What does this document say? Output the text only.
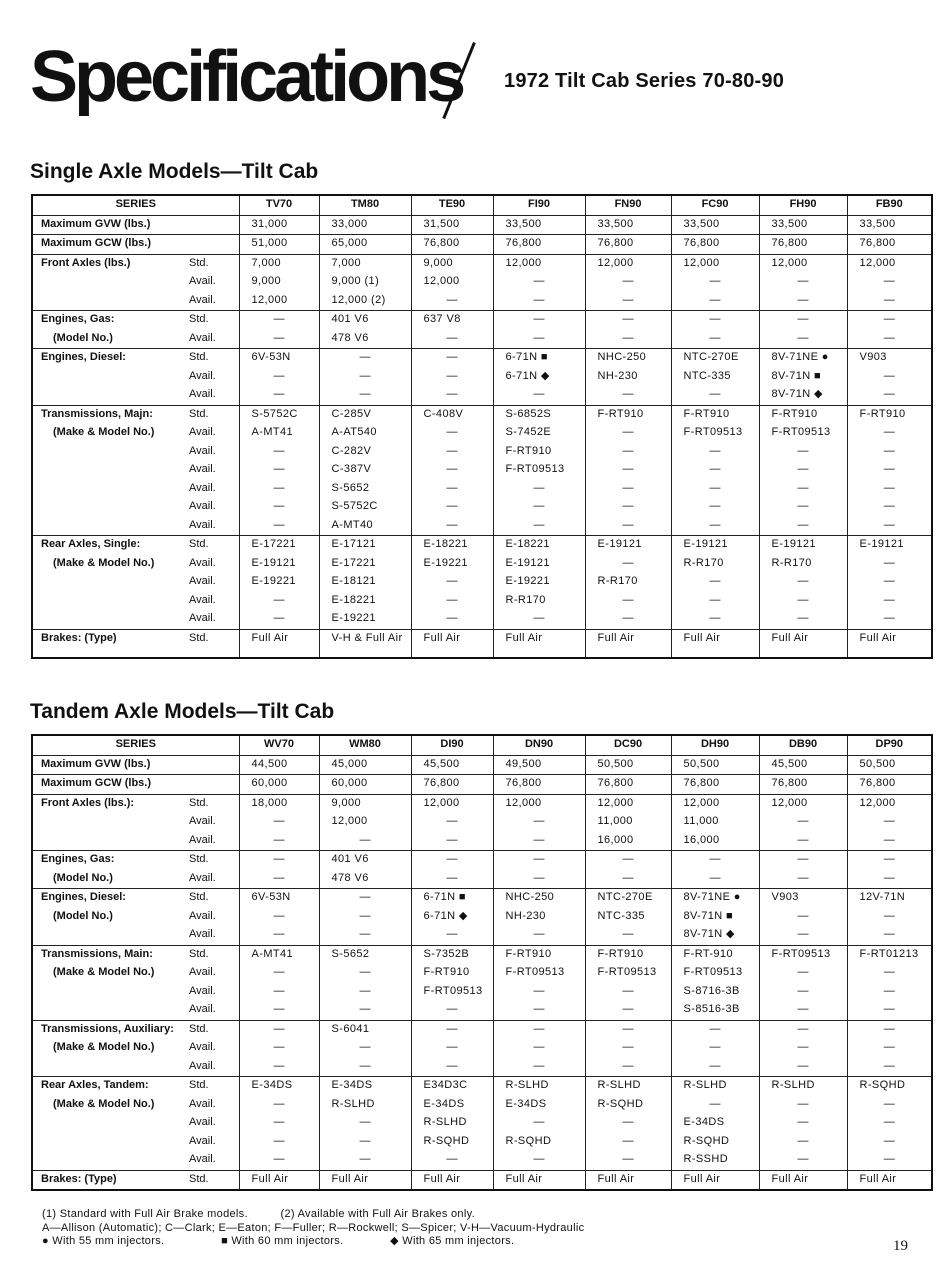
Specifications 1972 Tilt Cab Series 70-80-90
Single Axle Models—Tilt Cab
SERIES		TV70	TM80	TE90	FI90	FN90	FC90	FH90	FB90
Maximum GVW (lbs.)		31,000	33,000	31,500	33,500	33,500	33,500	33,500	33,500
Maximum GCW (lbs.)		51,000	65,000	76,800	76,800	76,800	76,800	76,800	76,800
Front Axles (lbs.)	Std.	7,000	7,000	9,000	12,000	12,000	12,000	12,000	12,000
	Avail.	9,000	9,000 (1)	12,000	—	—	—	—	—
	Avail.	12,000	12,000 (2)	—	—	—	—	—	—
Engines, Gas:	Std.	—	401 V6	637 V8	—	—	—	—	—
(Model No.)	Avail.	—	478 V6	—	—	—	—	—	—
Engines, Diesel:	Std.	6V-53N	—	—	6-71N ■	NHC-250	NTC-270E	8V-71NE ●	V903
	Avail.	—	—	—	6-71N ◆	NH-230	NTC-335	8V-71N ■	—
	Avail.	—	—	—	—	—	—	8V-71N ◆	—
Transmissions, Majn:	Std.	S-5752C	C-285V	C-408V	S-6852S	F-RT910	F-RT910	F-RT910	F-RT910
(Make & Model No.)	Avail.	A-MT41	A-AT540	—	S-7452E	—	F-RT09513	F-RT09513	—
	Avail.	—	C-282V	—	F-RT910	—	—	—	—
	Avail.	—	C-387V	—	F-RT09513	—	—	—	—
	Avail.	—	S-5652	—	—	—	—	—	—
	Avail.	—	S-5752C	—	—	—	—	—	—
	Avail.	—	A-MT40	—	—	—	—	—	—
Rear Axles, Single:	Std.	E-17221	E-17121	E-18221	E-18221	E-19121	E-19121	E-19121	E-19121
(Make & Model No.)	Avail.	E-19121	E-17221	E-19221	E-19121	—	R-R170	R-R170	—
	Avail.	E-19221	E-18121	—	E-19221	R-R170	—	—	—
	Avail.	—	E-18221	—	R-R170	—	—	—	—
	Avail.	—	E-19221	—	—	—	—	—	—
Brakes: (Type)	Std.	Full Air	V-H & Full Air	Full Air	Full Air	Full Air	Full Air	Full Air	Full Air
Tandem Axle Models—Tilt Cab
SERIES		WV70	WM80	DI90	DN90	DC90	DH90	DB90	DP90
Maximum GVW (lbs.)		44,500	45,000	45,500	49,500	50,500	50,500	45,500	50,500
Maximum GCW (lbs.)		60,000	60,000	76,800	76,800	76,800	76,800	76,800	76,800
Front Axles (lbs.):	Std.	18,000	9,000	12,000	12,000	12,000	12,000	12,000	12,000
	Avail.	—	12,000	—	—	11,000	11,000	—	—
	Avail.	—	—	—	—	16,000	16,000	—	—
Engines, Gas:	Std.	—	401 V6	—	—	—	—	—	—
(Model No.)	Avail.	—	478 V6	—	—	—	—	—	—
Engines, Diesel:	Std.	6V-53N	—	6-71N ■	NHC-250	NTC-270E	8V-71NE ●	V903	12V-71N
(Model No.)	Avail.	—	—	6-71N ◆	NH-230	NTC-335	8V-71N ■	—	—
	Avail.	—	—	—	—	—	8V-71N ◆	—	—
Transmissions, Main:	Std.	A-MT41	S-5652	S-7352B	F-RT910	F-RT910	F-RT-910	F-RT09513	F-RT01213
(Make & Model No.)	Avail.	—	—	F-RT910	F-RT09513	F-RT09513	F-RT09513	—	—
	Avail.	—	—	F-RT09513	—	—	S-8716-3B	—	—
	Avail.	—	—	—	—	—	S-8516-3B	—	—
Transmissions, Auxiliary:	Std.	—	S-6041	—	—	—	—	—	—
(Make & Model No.)	Avail.	—	—	—	—	—	—	—	—
	Avail.	—	—	—	—	—	—	—	—
Rear Axles, Tandem:	Std.	E-34DS	E-34DS	E34D3C	R-SLHD	R-SLHD	R-SLHD	R-SLHD	R-SQHD
(Make & Model No.)	Avail.	—	R-SLHD	E-34DS	E-34DS	R-SQHD	—	—	—
	Avail.	—	—	R-SLHD	—	—	E-34DS	—	—
	Avail.	—	—	R-SQHD	R-SQHD	—	R-SQHD	—	—
	Avail.	—	—	—	—	—	R-SSHD	—	—
Brakes: (Type)	Std.	Full Air	Full Air	Full Air	Full Air	Full Air	Full Air	Full Air	Full Air
(1) Standard with Full Air Brake models.	(2) Available with Full Air Brakes only.
A—Allison (Automatic); C—Clark; E—Eaton; F—Fuller; R—Rockwell; S—Spicer; V-H—Vacuum-Hydraulic
● With 55 mm injectors.	■ With 60 mm injectors.	◆ With 65 mm injectors.	19
